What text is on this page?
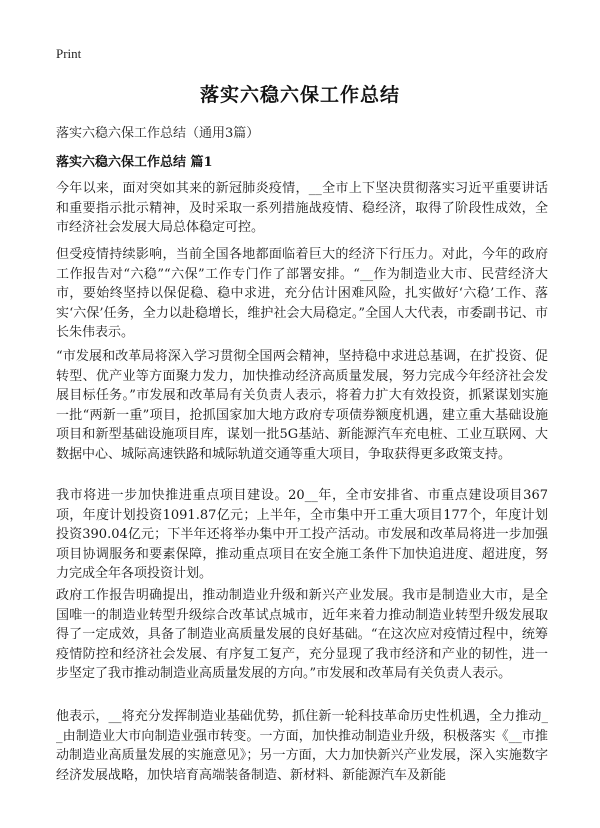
Print
落实六稳六保工作总结
落实六稳六保工作总结（通用3篇）
落实六稳六保工作总结 篇1

今年以来，面对突如其来的新冠肺炎疫情，__全市上下坚决贯彻落实习近平重要讲话和重要指示批示精神，及时采取一系列措施战疫情、稳经济，取得了阶段性成效，全市经济社会发展大局总体稳定可控。

但受疫情持续影响，当前全国各地都面临着巨大的经济下行压力。对此，今年的政府工作报告对“六稳”“六保”工作专门作了部署安排。“__作为制造业大市、民营经济大市，要始终坚持以保促稳、稳中求进，充分估计困难风险，扎实做好‘六稳’工作、落实‘六保’任务，全力以赴稳增长，维护社会大局稳定。”全国人大代表，市委副书记、市长朱伟表示。

“市发展和改革局将深入学习贯彻全国两会精神，坚持稳中求进总基调，在扩投资、促转型、优产业等方面聚力发力，加快推动经济高质量发展，努力完成今年经济社会发展目标任务。”市发展和改革局有关负责人表示，将着力扩大有效投资，抓紧谋划实施一批“两新一重”项目，抢抓国家加大地方政府专项债券额度机遇，建立重大基础设施项目和新型基础设施项目库，谋划一批5G基站、新能源汽车充电桩、工业互联网、大数据中心、城际高速铁路和城际轨道交通等重大项目，争取获得更多政策支持。

我市将进一步加快推进重点项目建设。20__年，全市安排省、市重点建设项目367项，年度计划投资1091.87亿元；上半年，全市集中开工重大项目177个，年度计划投资390.04亿元；下半年还将举办集中开工投产活动。市发展和改革局将进一步加强项目协调服务和要素保障，推动重点项目在安全施工条件下加快追进度、超进度，努力完成全年各项投资计划。

政府工作报告明确提出，推动制造业升级和新兴产业发展。我市是制造业大市，是全国唯一的制造业转型升级综合改革试点城市，近年来着力推动制造业转型升级发展取得了一定成效，具备了制造业高质量发展的良好基础。“在这次应对疫情过程中，统筹疫情防控和经济社会发展、有序复工复产，充分显现了我市经济和产业的韧性，进一步坚定了我市推动制造业高质量发展的方向。”市发展和改革局有关负责人表示。

他表示，__将充分发挥制造业基础优势，抓住新一轮科技革命历史性机遇，全力推动__由制造业大市向制造业强市转变。一方面，加快推动制造业升级，积极落实《__市推动制造业高质量发展的实施意见》；另一方面，大力加快新兴产业发展，深入实施数字经济发展战略，加快培育高端装备制造、新材料、新能源汽车及新能
